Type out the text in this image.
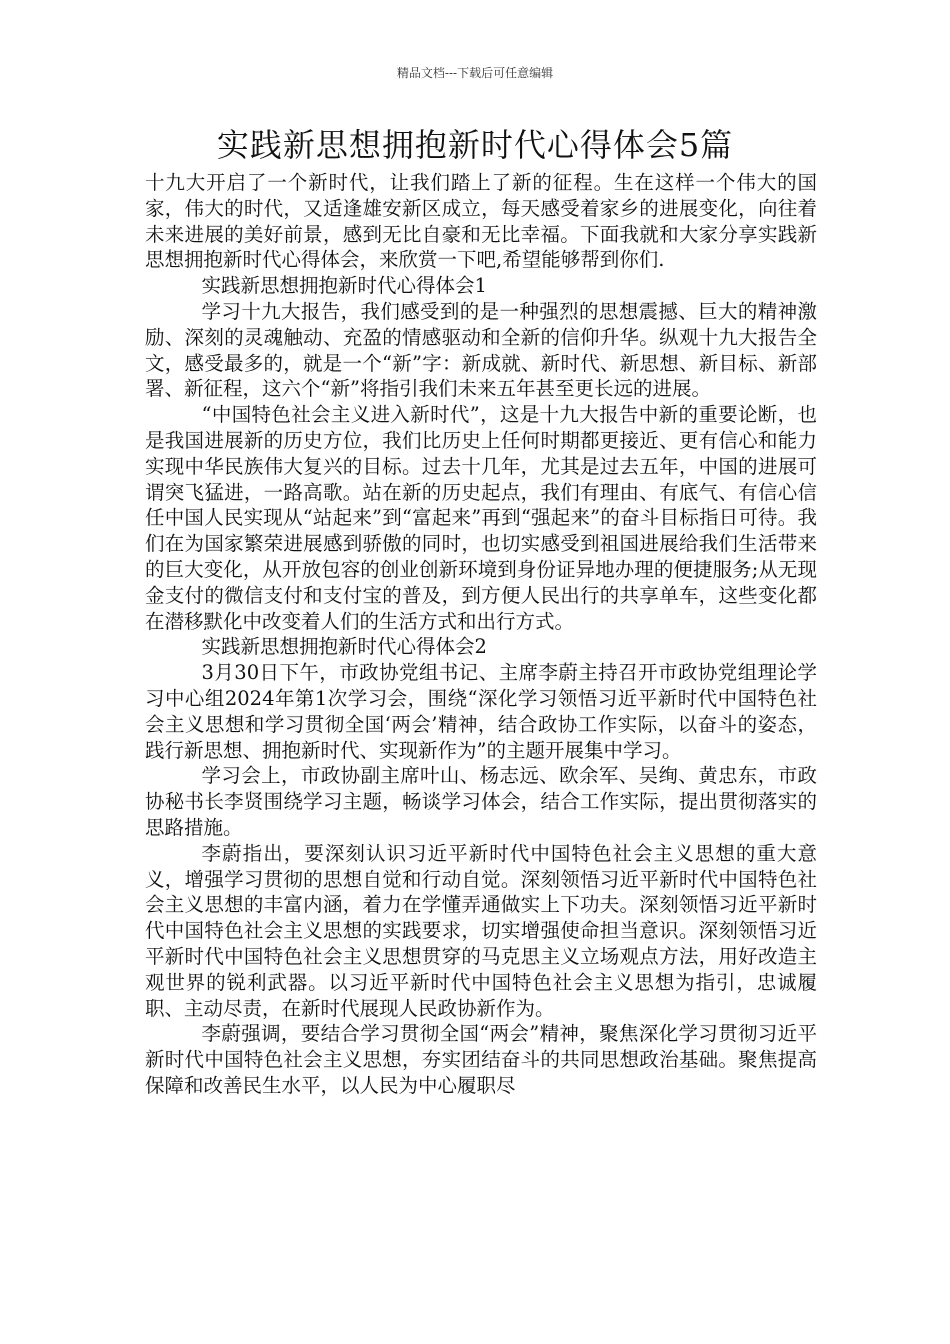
精品文档---下载后可任意编辑
实践新思想拥抱新时代心得体会5篇

十九大开启了一个新时代，让我们踏上了新的征程。生在这样一个伟大的国家，伟大的时代，又适逢雄安新区成立，每天感受着家乡的进展变化，向往着未来进展的美好前景，感到无比自豪和无比幸福。下面我就和大家分享实践新思想拥抱新时代心得体会，来欣赏一下吧,希望能够帮到你们.

实践新思想拥抱新时代心得体会1

学习十九大报告，我们感受到的是一种强烈的思想震撼、巨大的精神激励、深刻的灵魂触动、充盈的情感驱动和全新的信仰升华。纵观十九大报告全文，感受最多的，就是一个“新”字：新成就、新时代、新思想、新目标、新部署、新征程，这六个“新”将指引我们未来五年甚至更长远的进展。

“中国特色社会主义进入新时代”，这是十九大报告中新的重要论断，也是我国进展新的历史方位，我们比历史上任何时期都更接近、更有信心和能力实现中华民族伟大复兴的目标。过去十几年，尤其是过去五年，中国的进展可谓突飞猛进，一路高歌。站在新的历史起点，我们有理由、有底气、有信心信任中国人民实现从“站起来”到“富起来”再到“强起来”的奋斗目标指日可待。我们在为国家繁荣进展感到骄傲的同时，也切实感受到祖国进展给我们生活带来的巨大变化，从开放包容的创业创新环境到身份证异地办理的便捷服务;从无现金支付的微信支付和支付宝的普及，到方便人民出行的共享单车，这些变化都在潜移默化中改变着人们的生活方式和出行方式。

实践新思想拥抱新时代心得体会2

3月30日下午，市政协党组书记、主席李蔚主持召开市政协党组理论学习中心组2024年第1次学习会，围绕“深化学习领悟习近平新时代中国特色社会主义思想和学习贯彻全国‘两会’精神，结合政协工作实际，以奋斗的姿态，践行新思想、拥抱新时代、实现新作为”的主题开展集中学习。

学习会上，市政协副主席叶山、杨志远、欧余军、吴绚、黄忠东，市政协秘书长李贤围绕学习主题，畅谈学习体会，结合工作实际，提出贯彻落实的思路措施。

李蔚指出，要深刻认识习近平新时代中国特色社会主义思想的重大意义，增强学习贯彻的思想自觉和行动自觉。深刻领悟习近平新时代中国特色社会主义思想的丰富内涵，着力在学懂弄通做实上下功夫。深刻领悟习近平新时代中国特色社会主义思想的实践要求，切实增强使命担当意识。深刻领悟习近平新时代中国特色社会主义思想贯穿的马克思主义立场观点方法，用好改造主观世界的锐利武器。以习近平新时代中国特色社会主义思想为指引，忠诚履职、主动尽责，在新时代展现人民政协新作为。

李蔚强调，要结合学习贯彻全国“两会”精神，聚焦深化学习贯彻习近平新时代中国特色社会主义思想，夯实团结奋斗的共同思想政治基础。聚焦提高保障和改善民生水平，以人民为中心履职尽
